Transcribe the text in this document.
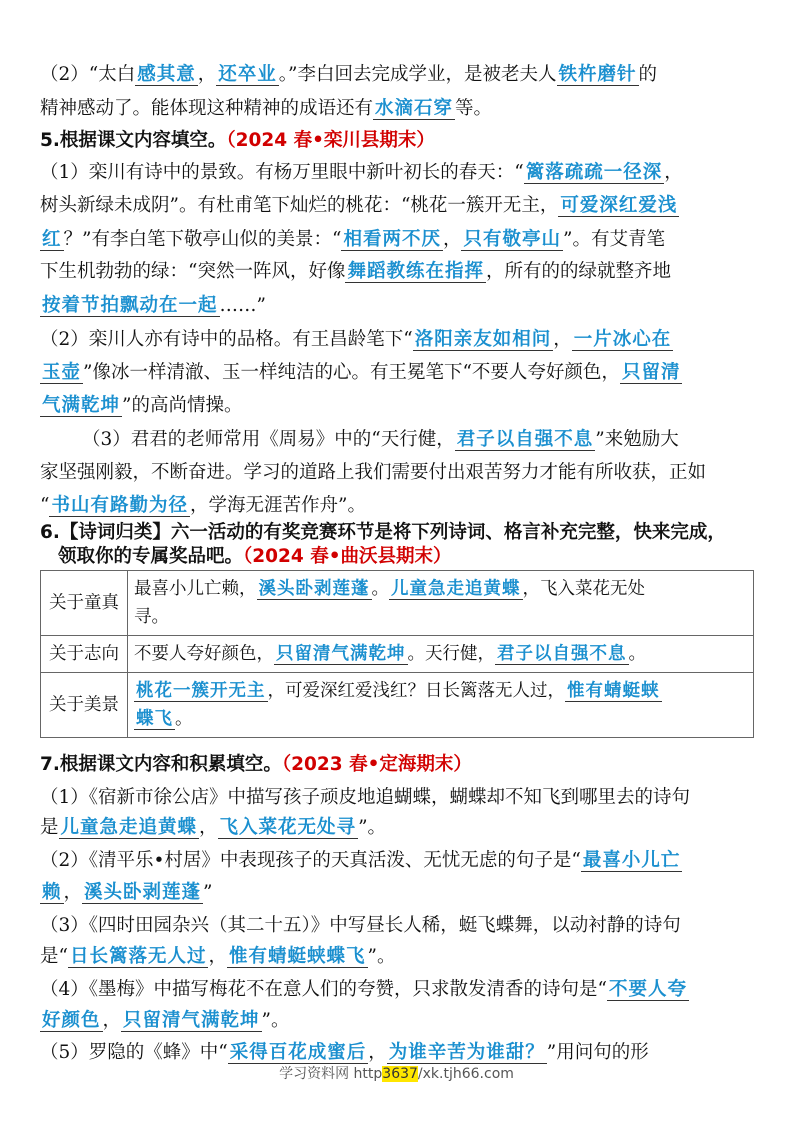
（2）“太白 感其意 ， 还卒业 。”李白回去完成学业，是被老夫人 铁杵磨针 的
精神感动了。能体现这种精神的成语还有 水滴石穿 等。
5.根据课文内容填空。（2024 春•栾川县期末）
（1）栾川有诗中的景致。有杨万里眼中新叶初长的春天：“ 篱落疏疏一径深 ，
树头新绿未成阴”。有杜甫笔下灿烂的桃花：“桃花一簇开无主， 可爱深红爱浅
红 ？”有李白笔下敬亭山似的美景：“ 相看两不厌 ， 只有敬亭山 ”。有艾青笔
下生机勃勃的绿：“突然一阵风，好像 舞蹈教练在指挥 ，所有的的绿就整齐地
按着节拍飘动在一起 ……”
（2）栾川人亦有诗中的品格。有王昌龄笔下“ 洛阳亲友如相问 ， 一片冰心在
玉壶 ”像冰一样清澈、玉一样纯洁的心。有王冕笔下“不要人夸好颜色， 只留清
气满乾坤 ”的高尚情操。
（3）君君的老师常用《周易》中的“天行健， 君子以自强不息 ”来勉励大
家坚强刚毅，不断奋进。学习的道路上我们需要付出艰苦努力才能有所收获，正如
“ 书山有路勤为径 ，学海无涯苦作舟”。
6.【诗词归类】六一活动的有奖竞赛环节是将下列诗词、格言补充完整，快来完成，
领取你的专属奖品吧。（2024 春•曲沃县期末）
关于童真	最喜小儿亡赖， 溪头卧剥莲蓬 。 儿童急走追黄蝶 ，飞入菜花无处
寻。
关于志向	不要人夸好颜色， 只留清气满乾坤 。天行健， 君子以自强不息 。
关于美景	桃花一簇开无主 ，可爱深红爱浅红？日长篱落无人过， 惟有蜻蜓蛱
蝶飞 。
7.根据课文内容和积累填空。（2023 春•定海期末）
（1）《宿新市徐公店》中描写孩子顽皮地追蝴蝶，蝴蝶却不知飞到哪里去的诗句
是 儿童急走追黄蝶 ， 飞入菜花无处寻 ”。
（2）《清平乐•村居》中表现孩子的天真活泼、无忧无虑的句子是“ 最喜小儿亡
赖 ， 溪头卧剥莲蓬 ”
（3）《四时田园杂兴（其二十五）》中写昼长人稀，蜓飞蝶舞，以动衬静的诗句
是“ 日长篱落无人过 ， 惟有蜻蜓蛱蝶飞 ”。
（4）《墨梅》中描写梅花不在意人们的夸赞，只求散发清香的诗句是“ 不要人夸
好颜色 ， 只留清气满乾坤 ”。
（5）罗隐的《蜂》中“ 采得百花成蜜后 ， 为谁辛苦为谁甜？ ”用问句的形
学习资料网 http3637/xk.tjh66.com
